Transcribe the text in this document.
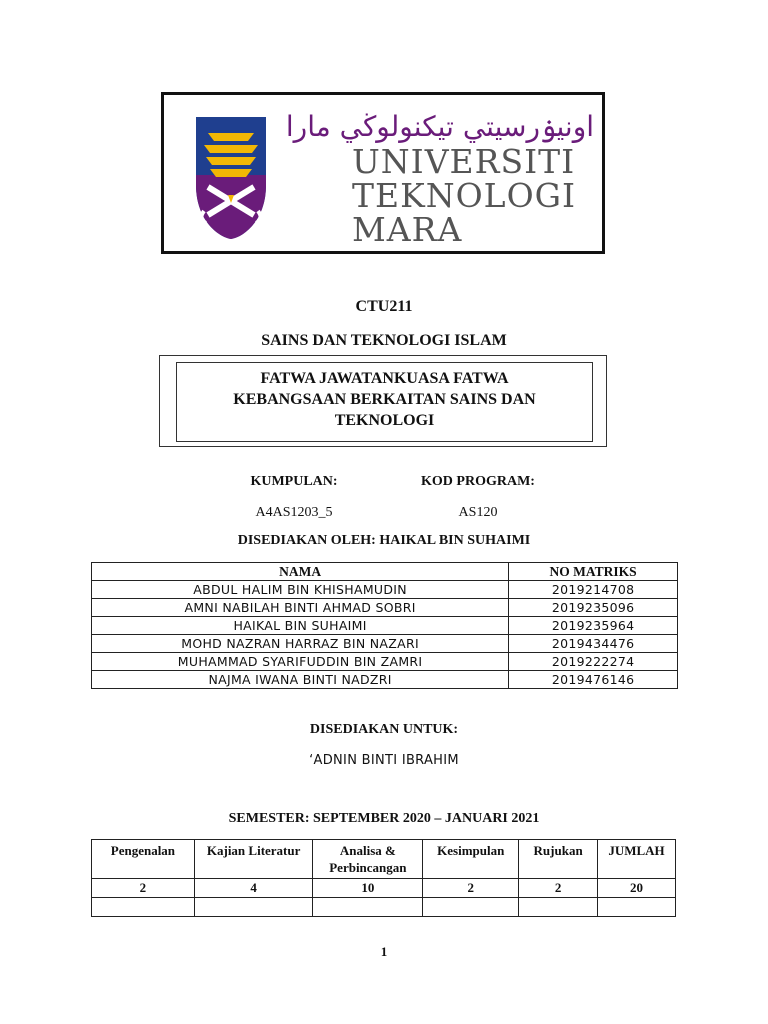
اونيۏرسيتي تيكنولوڬي مارا
UNIVERSITI
TEKNOLOGI
MARA
CTU211
SAINS DAN TEKNOLOGI ISLAM
FATWA JAWATANKUASA FATWA
KEBANGSAAN BERKAITAN SAINS DAN
TEKNOLOGI
KUMPULAN:	KOD PROGRAM:
A4AS1203_5	AS120
DISEDIAKAN OLEH: HAIKAL BIN SUHAIMI
NAMA	NO MATRIKS
ABDUL HALIM BIN KHISHAMUDIN	2019214708
AMNI NABILAH BINTI AHMAD SOBRI	2019235096
HAIKAL BIN SUHAIMI	2019235964
MOHD NAZRAN HARRAZ BIN NAZARI	2019434476
MUHAMMAD SYARIFUDDIN BIN ZAMRI	2019222274
NAJMA IWANA BINTI NADZRI	2019476146
DISEDIAKAN UNTUK:
‘ADNIN BINTI IBRAHIM
SEMESTER: SEPTEMBER 2020 – JANUARI 2021
Pengenalan	Kajian Literatur	Analisa & Perbincangan	Kesimpulan	Rujukan	JUMLAH
2	4	10	2	2	20

1
